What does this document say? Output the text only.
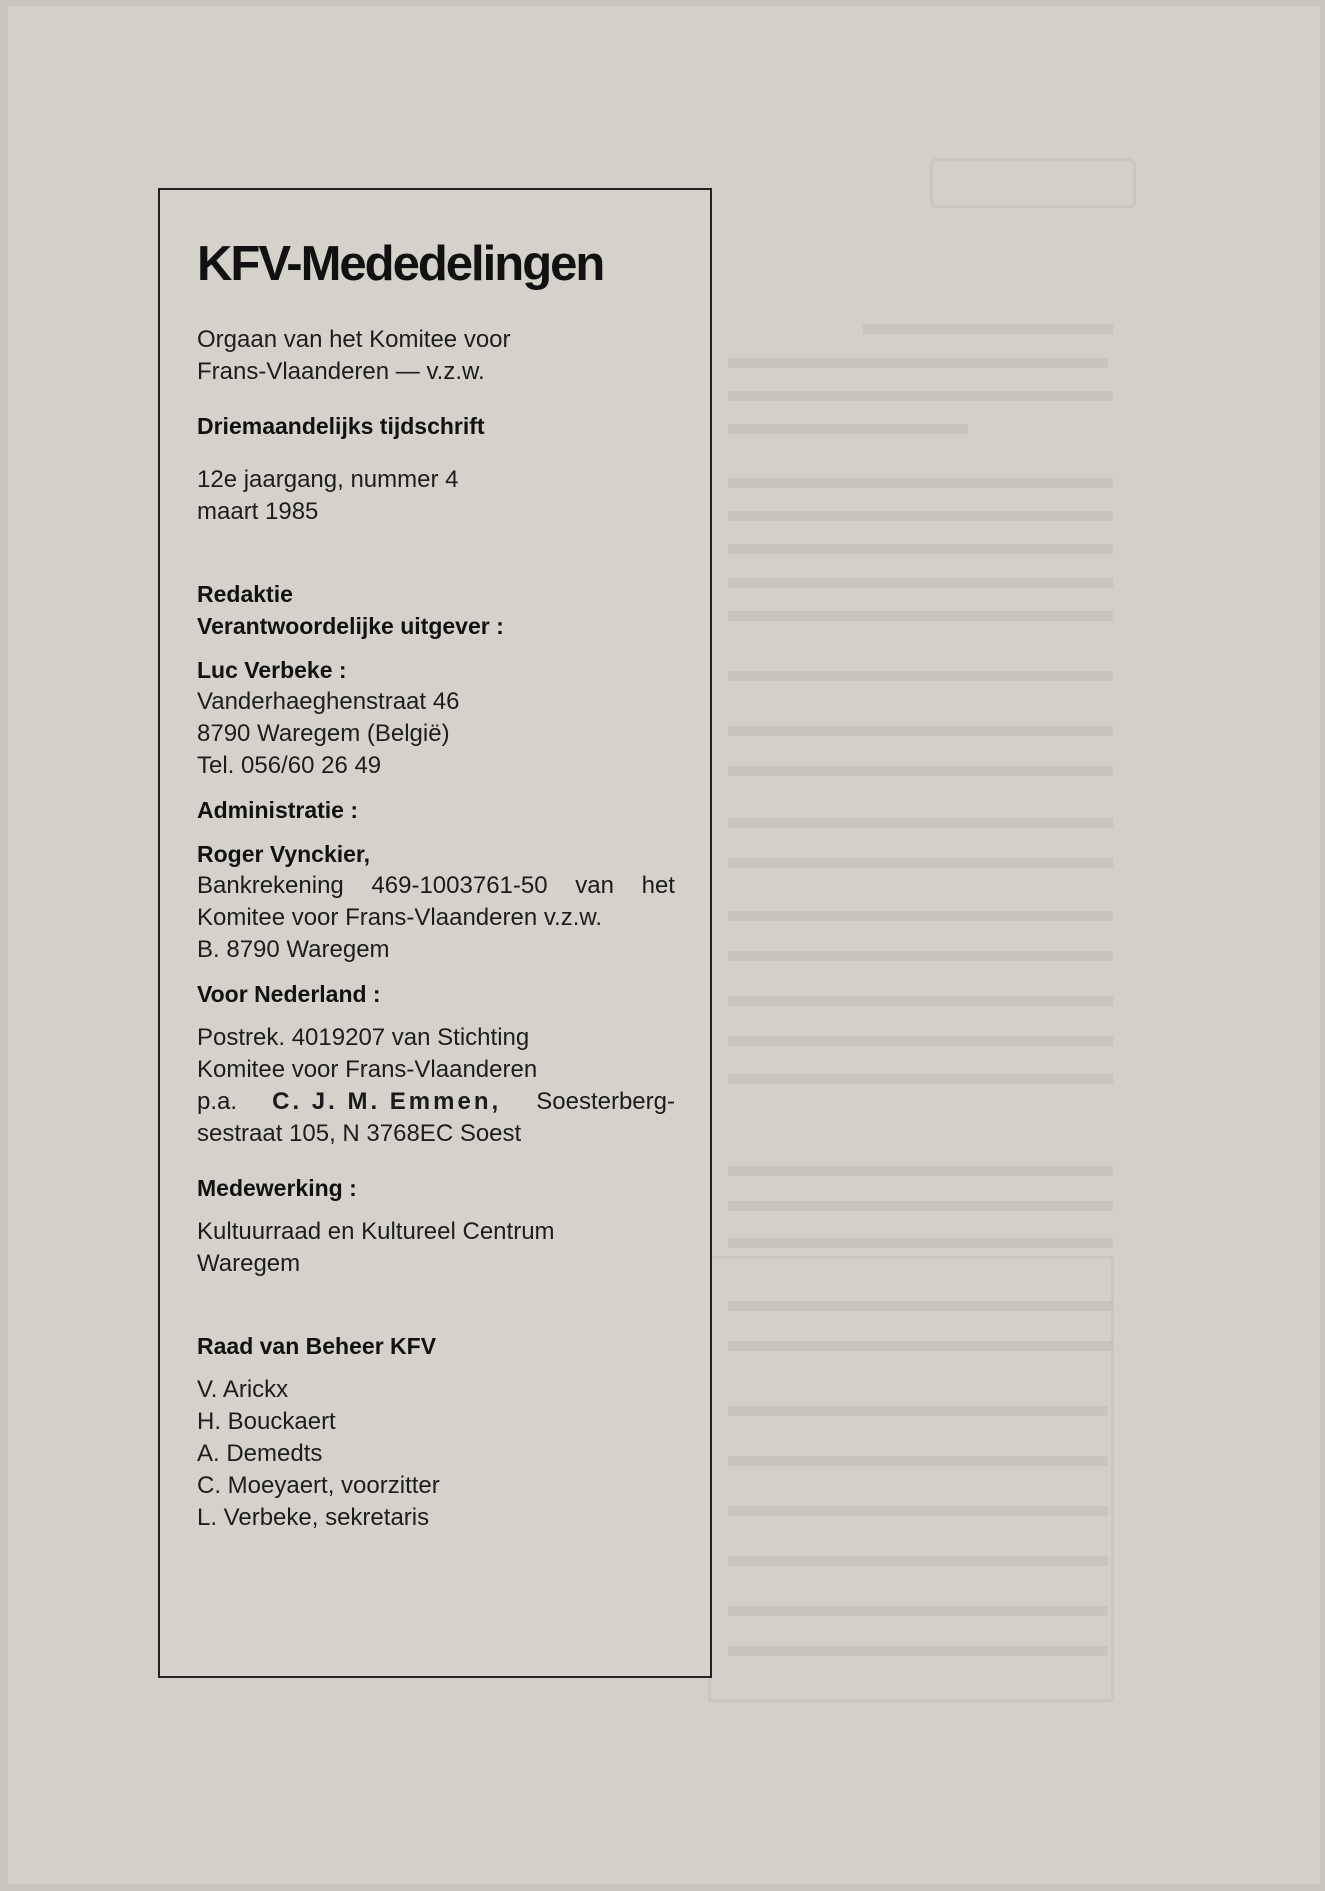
KFV-Mededelingen

Orgaan van het Komitee voor

Frans-Vlaanderen — v.z.w.

Driemaandelijks tijdschrift

12e jaargang, nummer 4

maart 1985

Redaktie

Verantwoordelijke uitgever :

Luc Verbeke :

Vanderhaeghenstraat 46

8790 Waregem (België)

Tel. 056/60 26 49

Administratie :

Roger Vynckier,

Bankrekening 469-1003761-50 van het

Komitee voor Frans-Vlaanderen v.z.w.

B. 8790 Waregem

Voor Nederland :

Postrek. 4019207 van Stichting

Komitee voor Frans-Vlaanderen

p.a. C. J. M. Emmen, Soesterberg-

sestraat 105, N 3768EC Soest

Medewerking :

Kultuurraad en Kultureel Centrum

Waregem

Raad van Beheer KFV

V. Arickx

H. Bouckaert

A. Demedts

C. Moeyaert, voorzitter

L. Verbeke, sekretaris
